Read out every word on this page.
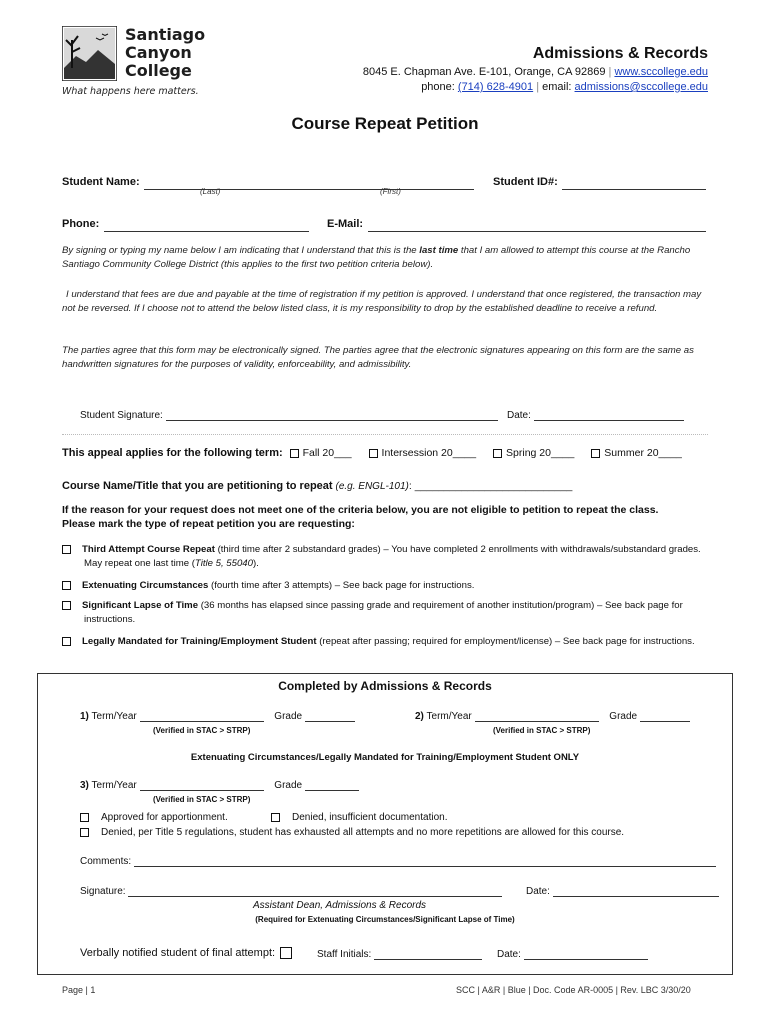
Santiago
Canyon
College
What happens here matters.
Admissions & Records
8045 E. Chapman Ave. E-101, Orange, CA 92869 | www.sccollege.edu
phone: (714) 628-4901 | email: admissions@sccollege.edu
Course Repeat Petition
Student Name:
(Last)	(First)
Student ID#:
Phone:	E-Mail:
By signing or typing my name below I am indicating that I understand that this is the last time that I am allowed to attempt this course at the Rancho Santiago Community College District (this applies to the first two petition criteria below).
I understand that fees are due and payable at the time of registration if my petition is approved. I understand that once registered, the transaction may not be reversed. If I choose not to attend the below listed class, it is my responsibility to drop by the established deadline to receive a refund.
The parties agree that this form may be electronically signed. The parties agree that the electronic signatures appearing on this form are the same as handwritten signatures for the purposes of validity, enforceability, and admissibility.
Student Signature:	Date:
This appeal applies for the following term: Fall 20___	Intersession 20____	Spring 20____	Summer 20____
Course Name/Title that you are petitioning to repeat (e.g. ENGL-101): ___________________________
If the reason for your request does not meet one of the criteria below, you are not eligible to petition to repeat the class.
Please mark the type of repeat petition you are requesting:
Third Attempt Course Repeat (third time after 2 substandard grades) – You have completed 2 enrollments with withdrawals/substandard grades. May repeat one last time (Title 5, 55040).
Extenuating Circumstances (fourth time after 3 attempts) – See back page for instructions.
Significant Lapse of Time (36 months has elapsed since passing grade and requirement of another institution/program) – See back page for instructions.
Legally Mandated for Training/Employment Student (repeat after passing; required for employment/license) – See back page for instructions.
Completed by Admissions & Records
1) Term/Year	Grade
(Verified in STAC > STRP)
2) Term/Year	Grade
(Verified in STAC > STRP)
Extenuating Circumstances/Legally Mandated for Training/Employment Student ONLY
3) Term/Year	Grade
(Verified in STAC > STRP)
Approved for apportionment.	Denied, insufficient documentation.
Denied, per Title 5 regulations, student has exhausted all attempts and no more repetitions are allowed for this course.
Comments:
Signature:	Date:
Assistant Dean, Admissions & Records
(Required for Extenuating Circumstances/Significant Lapse of Time)
Verbally notified student of final attempt:	Staff Initials:	Date:
Page | 1	SCC | A&R | Blue | Doc. Code AR-0005 | Rev. LBC 3/30/20
